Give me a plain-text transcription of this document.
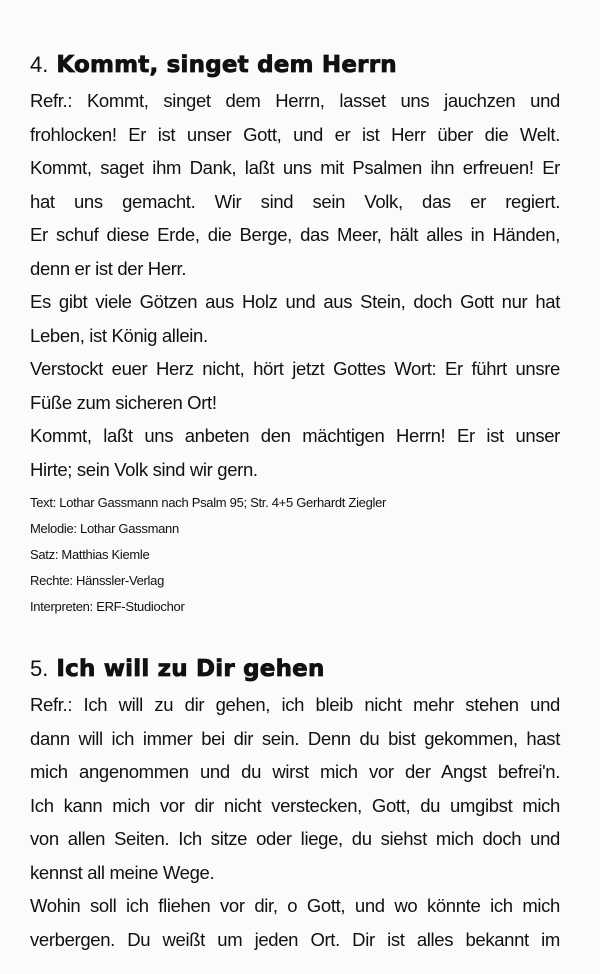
4. Kommt, singet dem Herrn
Refr.: Kommt, singet dem Herrn, lasset uns jauchzen und
frohlocken! Er ist unser Gott, und er ist Herr über die Welt.
Kommt, saget ihm Dank, laßt uns mit Psalmen ihn erfreuen! Er
hat uns gemacht. Wir sind sein Volk, das er regiert.
Er schuf diese Erde, die Berge, das Meer, hält alles in Händen,
denn er ist der Herr.
Es gibt viele Götzen aus Holz und aus Stein, doch Gott nur hat
Leben, ist König allein.
Verstockt euer Herz nicht, hört jetzt Gottes Wort: Er führt unsre
Füße zum sicheren Ort!
Kommt, laßt uns anbeten den mächtigen Herrn! Er ist unser
Hirte; sein Volk sind wir gern.
Text: Lothar Gassmann nach Psalm 95; Str. 4+5 Gerhardt Ziegler
Melodie: Lothar Gassmann
Satz: Matthias Kiemle
Rechte: Hänssler-Verlag
Interpreten: ERF-Studiochor
5. Ich will zu Dir gehen
Refr.: Ich will zu dir gehen, ich bleib nicht mehr stehen und
dann will ich immer bei dir sein. Denn du bist gekommen, hast
mich angenommen und du wirst mich vor der Angst befrei'n.
Ich kann mich vor dir nicht verstecken, Gott, du umgibst mich
von allen Seiten. Ich sitze oder liege, du siehst mich doch und
kennst all meine Wege.
Wohin soll ich fliehen vor dir, o Gott, und wo könnte ich mich
verbergen. Du weißt um jeden Ort. Dir ist alles bekannt im
